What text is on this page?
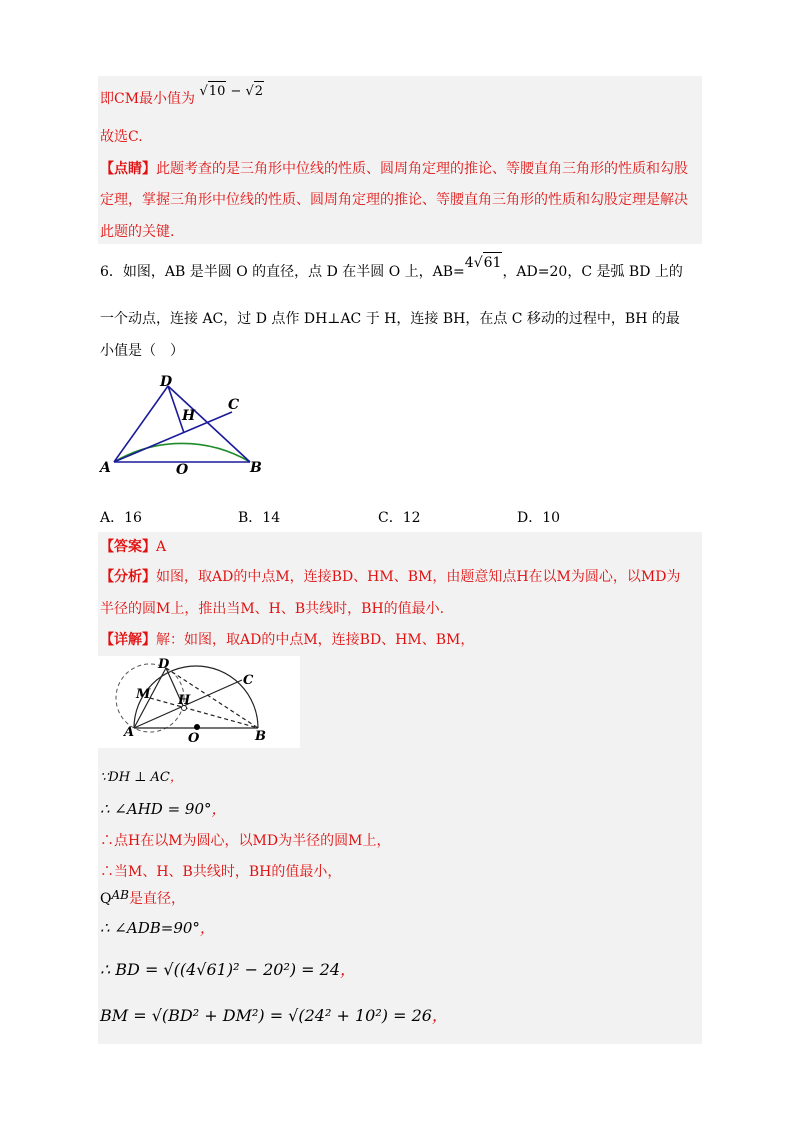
即CM最小值为 √10 − √2
故选C.
【点睛】此题考查的是三角形中位线的性质、圆周角定理的推论、等腰直角三角形的性质和勾股
定理，掌握三角形中位线的性质、圆周角定理的推论、等腰直角三角形的性质和勾股定理是解决
此题的关键.
6．如图，AB 是半圆 O 的直径，点 D 在半圆 O 上，AB=4√61，AD=20，C 是弧 BD 上的
一个动点，连接 AC，过 D 点作 DH⊥AC 于 H，连接 BH，在点 C 移动的过程中，BH 的最
小值是（　）
D
C
H
A	O	B
A．16	B．14	C．12	D．10
【答案】A
【分析】如图，取AD的中点M，连接BD、HM、BM，由题意知点H在以M为圆心，以MD为
半径的圆M上，推出当M、H、B共线时，BH的值最小.
【详解】解：如图，取AD的中点M，连接BD、HM、BM，
D
C
M H
A	O	B
∵DH ⊥ AC，
∴ ∠AHD = 90°，
∴点H在以M为圆心，以MD为半径的圆M上，
∴当M、H、B共线时，BH的值最小，
QAB是直径，
∴ ∠ADB=90°，
∴ BD = √((4√61)² − 20²) = 24，
BM = √(BD² + DM²) = √(24² + 10²) = 26，
